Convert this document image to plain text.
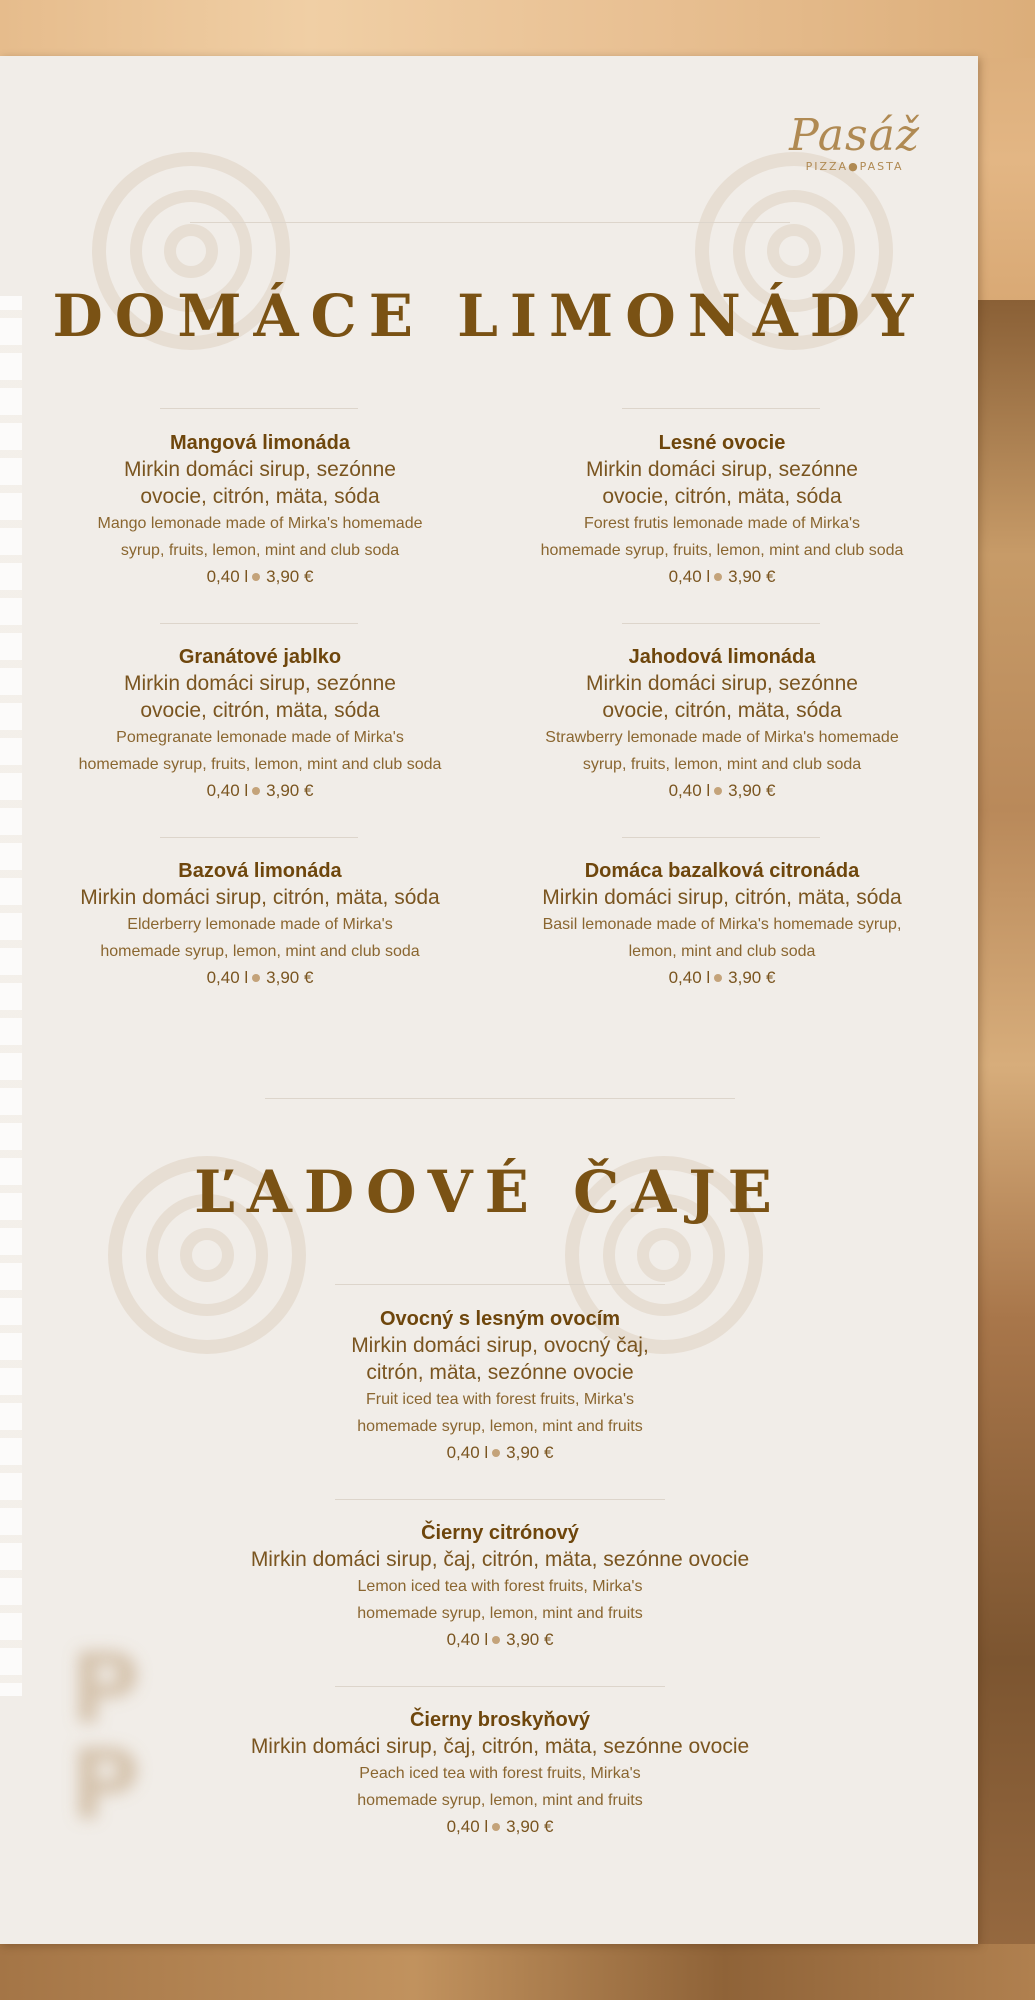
Pasáž
PIZZA●PASTA
DOMÁCE LIMONÁDY
Mangová limonáda
Mirkin domáci sirup, sezónne
ovocie, citrón, mäta, sóda
Mango lemonade made of Mirka's homemade
syrup, fruits, lemon, mint and club soda
0,40 l 3,90 €
Lesné ovocie
Mirkin domáci sirup, sezónne
ovocie, citrón, mäta, sóda
Forest frutis lemonade made of Mirka's
homemade syrup, fruits, lemon, mint and club soda
0,40 l 3,90 €
Granátové jablko
Mirkin domáci sirup, sezónne
ovocie, citrón, mäta, sóda
Pomegranate lemonade made of Mirka's
homemade syrup, fruits, lemon, mint and club soda
0,40 l 3,90 €
Jahodová limonáda
Mirkin domáci sirup, sezónne
ovocie, citrón, mäta, sóda
Strawberry lemonade made of Mirka's homemade
syrup, fruits, lemon, mint and club soda
0,40 l 3,90 €
Bazová limonáda
Mirkin domáci sirup, citrón, mäta, sóda
Elderberry lemonade made of Mirka's
homemade syrup, lemon, mint and club soda
0,40 l 3,90 €
Domáca bazalková citronáda
Mirkin domáci sirup, citrón, mäta, sóda
Basil lemonade made of Mirka's homemade syrup,
lemon, mint and club soda
0,40 l 3,90 €
ĽADOVÉ ČAJE
Ovocný s lesným ovocím
Mirkin domáci sirup, ovocný čaj,
citrón, mäta, sezónne ovocie
Fruit iced tea with forest fruits, Mirka's
homemade syrup, lemon, mint and fruits
0,40 l 3,90 €
Čierny citrónový
Mirkin domáci sirup, čaj, citrón, mäta, sezónne ovocie
Lemon iced tea with forest fruits, Mirka's
homemade syrup, lemon, mint and fruits
0,40 l 3,90 €
Čierny broskyňový
Mirkin domáci sirup, čaj, citrón, mäta, sezónne ovocie
Peach iced tea with forest fruits, Mirka's
homemade syrup, lemon, mint and fruits
0,40 l 3,90 €
P
P
